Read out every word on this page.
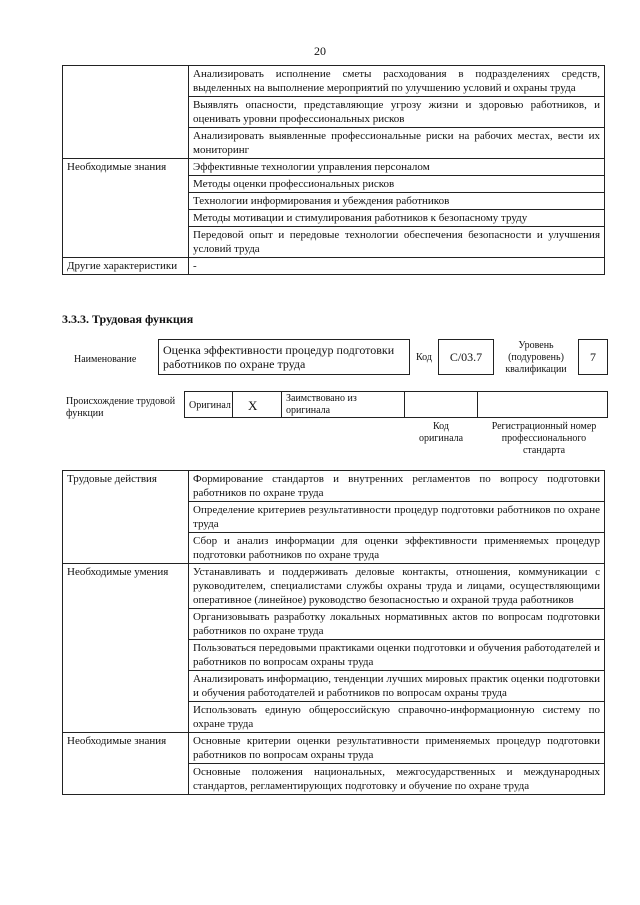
20
	Анализировать исполнение сметы расходования в подразделениях средств, выделенных на выполнение мероприятий по улучшению условий и охраны труда
	Выявлять опасности, представляющие угрозу жизни и здоровью работников, и оценивать уровни профессиональных рисков
	Анализировать выявленные профессиональные риски на рабочих местах, вести их мониторинг
Необходимые знания	Эффективные технологии управления персоналом
	Методы оценки профессиональных рисков
	Технологии информирования и убеждения работников
	Методы мотивации и стимулирования работников к безопасному труду
	Передовой опыт и передовые технологии обеспечения безопасности и улучшения условий труда
Другие характеристики	-
3.3.3. Трудовая функция
Наименование
Оценка эффективности процедур подготовки работников по охране труда	Код	C/03.7
Уровень (подуровень) квалификации
7
Происхождение трудовой функции
Оригинал X	Заимствовано из оригинала
Код оригинала
Регистрационный номер профессионального стандарта
Трудовые действия	Формирование стандартов и внутренних регламентов по вопросу подготовки работников по охране труда
	Определение критериев результативности процедур подготовки работников по охране труда
	Сбор и анализ информации для оценки эффективности применяемых процедур подготовки работников по охране труда
Необходимые умения	Устанавливать и поддерживать деловые контакты, отношения, коммуникации с руководителем, специалистами службы охраны труда и лицами, осуществляющими оперативное (линейное) руководство безопасностью и охраной труда работников
	Организовывать разработку локальных нормативных актов по вопросам подготовки работников по охране труда
	Пользоваться передовыми практиками оценки подготовки и обучения работодателей и работников по вопросам охраны труда
	Анализировать информацию, тенденции лучших мировых практик оценки подготовки и обучения работодателей и работников по вопросам охраны труда
	Использовать единую общероссийскую справочно-информационную систему по охране труда
Необходимые знания	Основные критерии оценки результативности применяемых процедур подготовки работников по вопросам охраны труда
	Основные положения национальных, межгосударственных и международных стандартов, регламентирующих подготовку и обучение по охране труда
